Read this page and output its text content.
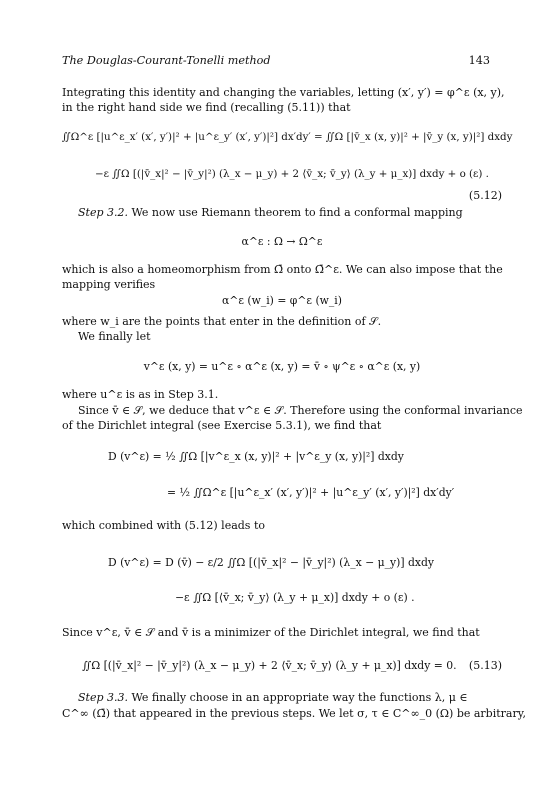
The Douglas-Courant-Tonelli method	143
Integrating this identity and changing the variables, letting (x′, y′) = φ^ε (x, y),
in the right hand side we find (recalling (5.11)) that
∬Ω^ε [|u^ε_x′ (x′, y′)|² + |u^ε_y′ (x′, y′)|²] dx′dy′ = ∬Ω [|v̄_x (x, y)|² + |v̄_y (x, y)|²] dxdy
−ε ∬Ω [(|v̄_x|² − |v̄_y|²) (λ_x − μ_y) + 2 ⟨v̄_x; v̄_y⟩ (λ_y + μ_x)] dxdy + o (ε) .
(5.12)
Step 3.2. We now use Riemann theorem to find a conformal mapping
α^ε : Ω → Ω^ε
which is also a homeomorphism from Ω̄ onto Ω̄^ε. We can also impose that the
mapping verifies
α^ε (w_i) = φ^ε (w_i)
where w_i are the points that enter in the definition of 𝒮.
We finally let
v^ε (x, y) = u^ε ∘ α^ε (x, y) = v̄ ∘ ψ^ε ∘ α^ε (x, y)
where u^ε is as in Step 3.1.
Since v̄ ∈ 𝒮, we deduce that v^ε ∈ 𝒮. Therefore using the conformal invariance
of the Dirichlet integral (see Exercise 5.3.1), we find that
D (v^ε) = ½ ∬Ω [|v^ε_x (x, y)|² + |v^ε_y (x, y)|²] dxdy
= ½ ∬Ω^ε [|u^ε_x′ (x′, y′)|² + |u^ε_y′ (x′, y′)|²] dx′dy′
which combined with (5.12) leads to
D (v^ε) = D (v̄) − ε/2 ∬Ω [(|v̄_x|² − |v̄_y|²) (λ_x − μ_y)] dxdy
−ε ∬Ω [⟨v̄_x; v̄_y⟩ (λ_y + μ_x)] dxdy + o (ε) .
Since v^ε, v̄ ∈ 𝒮 and v̄ is a minimizer of the Dirichlet integral, we find that
∬Ω [(|v̄_x|² − |v̄_y|²) (λ_x − μ_y) + 2 ⟨v̄_x; v̄_y⟩ (λ_y + μ_x)] dxdy = 0. (5.13)
Step 3.3. We finally choose in an appropriate way the functions λ, μ ∈
C^∞ (Ω̄) that appeared in the previous steps. We let σ, τ ∈ C^∞_0 (Ω) be arbitrary,
